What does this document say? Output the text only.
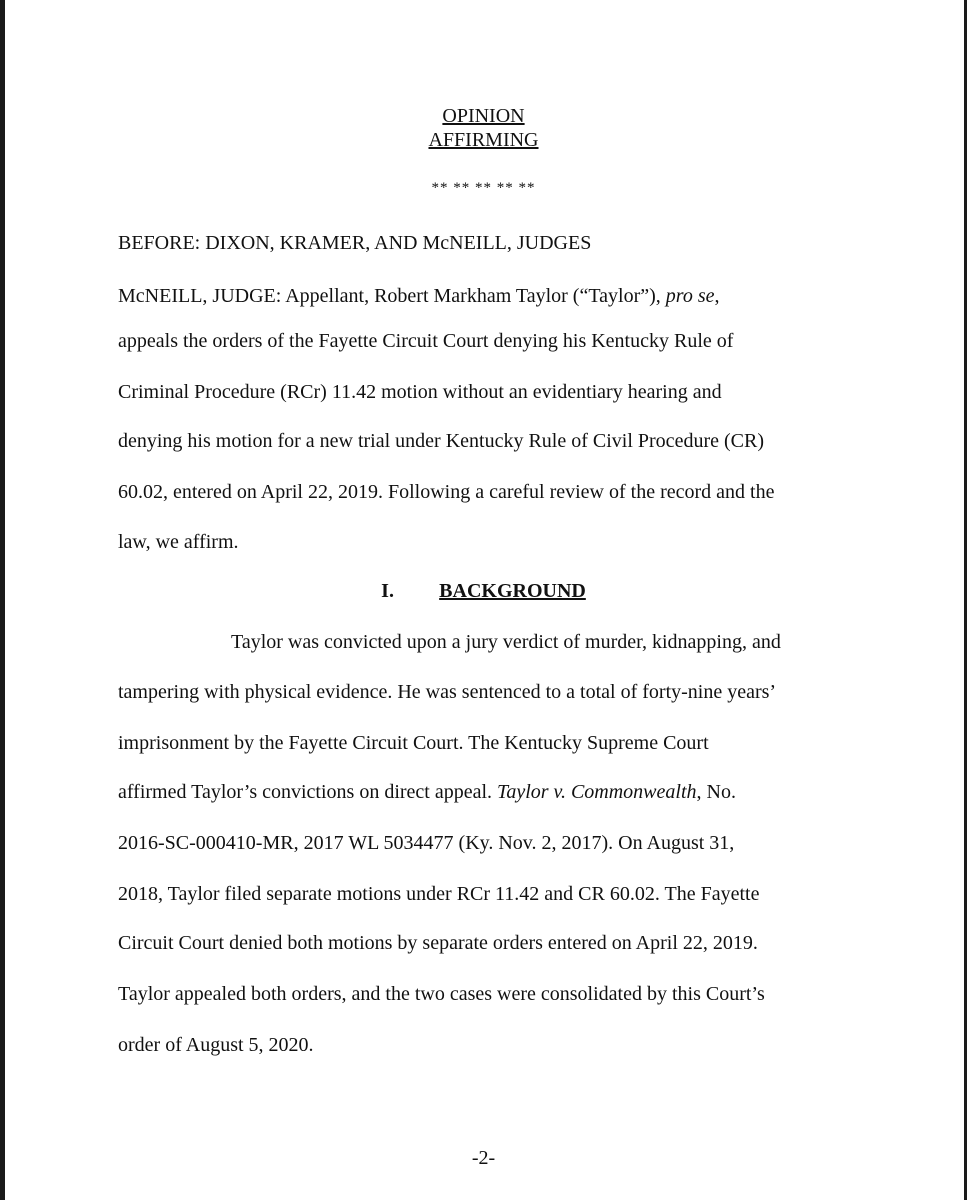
OPINION
AFFIRMING
** ** ** ** **
BEFORE: DIXON, KRAMER, AND McNEILL, JUDGES
McNEILL, JUDGE: Appellant, Robert Markham Taylor (“Taylor”), pro se,
appeals the orders of the Fayette Circuit Court denying his Kentucky Rule of
Criminal Procedure (RCr) 11.42 motion without an evidentiary hearing and
denying his motion for a new trial under Kentucky Rule of Civil Procedure (CR)
60.02, entered on April 22, 2019. Following a careful review of the record and the
law, we affirm.
I. BACKGROUND
Taylor was convicted upon a jury verdict of murder, kidnapping, and
tampering with physical evidence. He was sentenced to a total of forty-nine years’
imprisonment by the Fayette Circuit Court. The Kentucky Supreme Court
affirmed Taylor’s convictions on direct appeal. Taylor v. Commonwealth, No.
2016-SC-000410-MR, 2017 WL 5034477 (Ky. Nov. 2, 2017). On August 31,
2018, Taylor filed separate motions under RCr 11.42 and CR 60.02. The Fayette
Circuit Court denied both motions by separate orders entered on April 22, 2019.
Taylor appealed both orders, and the two cases were consolidated by this Court’s
order of August 5, 2020.
-2-
